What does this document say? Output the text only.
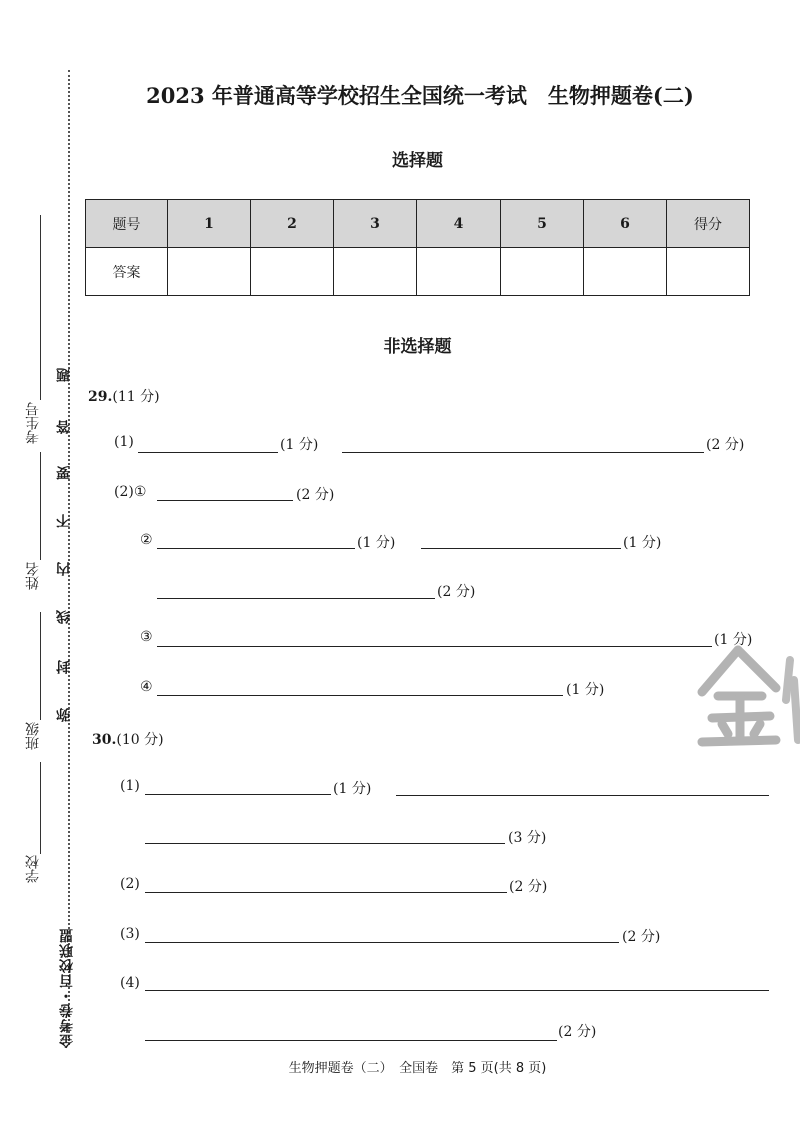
考生号
姓名
班级
学校
题
答
要
不
内
线
封
弥
金考卷・百校联盟
2023 年普通高等学校招生全国统一考试　生物押题卷(二)
选择题
题号	1	2	3	4	5	6	得分
答案							
非选择题
29.(11 分)
(1)	(1 分)	(2 分)
(2)①	(2 分)
②	(1 分)	(1 分)
(2 分)
③	(1 分)
④	(1 分)
30.(10 分)
(1)	(1 分)
(3 分)
(2)	(2 分)
(3)	(2 分)
(4)
(2 分)
生物押题卷（二）　全国卷　第 5 页(共 8 页)
